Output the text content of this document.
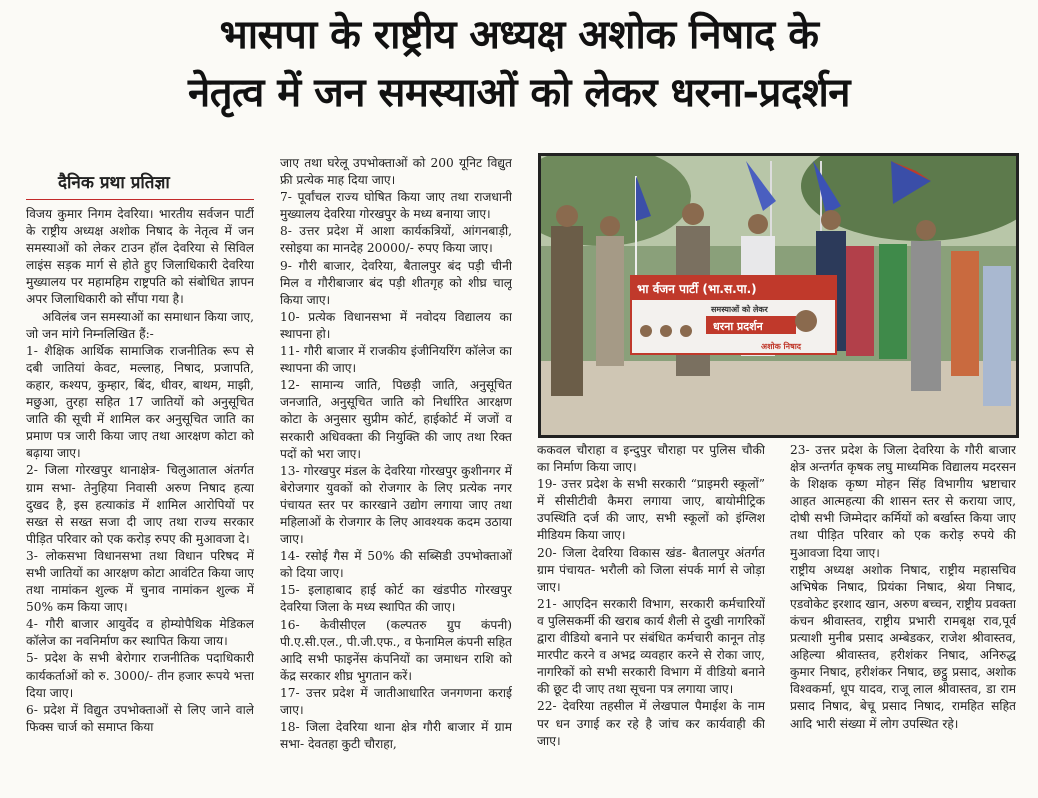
भासपा के राष्ट्रीय अध्यक्ष अशोक निषाद के
नेतृत्व में जन समस्याओं को लेकर धरना-प्रदर्शन
दैनिक प्रथा प्रतिज्ञा

विजय कुमार निगम देवरिया। भारतीय सर्वजन पार्टी के राष्ट्रीय अध्यक्ष अशोक निषाद के नेतृत्व में जन समस्याओं को लेकर टाउन हॉल देवरिया से सिविल लाइंस सड़क मार्ग से होते हुए जिलाधिकारी देवरिया मुख्यालय पर महामहिम राष्ट्रपति को संबोधित ज्ञापन अपर जिलाधिकारी को सौंपा गया है।

अविलंब जन समस्याओं का समाधान किया जाए, जो जन मांगे निम्नलिखित हैं:-

1- शैक्षिक आर्थिक सामाजिक राजनीतिक रूप से दबी जातियां केवट, मल्लाह, निषाद, प्रजापति, कहार, कश्यप, कुम्हार, बिंद, धीवर, बाथम, माझी, मछुआ, तुरहा सहित 17 जातियों को अनुसूचित जाति की सूची में शामिल कर अनुसूचित जाति का प्रमाण पत्र जारी किया जाए तथा आरक्षण कोटा को बढ़ाया जाए।

2- जिला गोरखपुर थानाक्षेत्र- चिलुआताल अंतर्गत ग्राम सभा- तेनुहिया निवासी अरुण निषाद हत्या दुखद है, इस हत्याकांड में शामिल आरोपियों पर सख्त से सख्त सजा दी जाए तथा राज्य सरकार पीड़ित परिवार को एक करोड़ रुपए की मुआवजा दे।

3- लोकसभा विधानसभा तथा विधान परिषद में सभी जातियों का आरक्षण कोटा आवंटित किया जाए तथा नामांकन शुल्क में चुनाव नामांकन शुल्क में 50% कम किया जाए।

4- गौरी बाजार आयुर्वेद व होम्योपैथिक मेडिकल कॉलेज का नवनिर्माण कर स्थापित किया जाय।

5- प्रदेश के सभी बेरोगार राजनीतिक पदाधिकारी कार्यकर्ताओं को रु. 3000/- तीन हजार रूपये भत्ता दिया जाए।

6- प्रदेश में विद्युत उपभोक्ताओं से लिए जाने वाले फिक्स चार्ज को समाप्त किया

जाए तथा घरेलू उपभोक्ताओं को 200 यूनिट विद्युत फ्री प्रत्येक माह दिया जाए।

7- पूर्वांचल राज्य घोषित किया जाए तथा राजधानी मुख्यालय देवरिया गोरखपुर के मध्य बनाया जाए।

8- उत्तर प्रदेश में आशा कार्यकत्रियों, आंगनबाड़ी, रसोइया का मानदेह 20000/- रुपए किया जाए।

9- गौरी बाजार, देवरिया, बैतालपुर बंद पड़ी चीनी मिल व गौरीबाजार बंद पड़ी शीतगृह को शीघ्र चालू किया जाए।

10- प्रत्येक विधानसभा में नवोदय विद्यालय का स्थापना हो।

11- गौरी बाजार में राजकीय इंजीनियरिंग कॉलेज का स्थापना की जाए।

12- सामान्य जाति, पिछड़ी जाति, अनुसूचित जनजाति, अनुसूचित जाति को निर्धारित आरक्षण कोटा के अनुसार सुप्रीम कोर्ट, हाईकोर्ट में जजों व सरकारी अधिवक्ता की नियुक्ति की जाए तथा रिक्त पदों को भरा जाए।

13- गोरखपुर मंडल के देवरिया गोरखपुर कुशीनगर में बेरोजगार युवकों को रोजगार के लिए प्रत्येक नगर पंचायत स्तर पर कारखाने उद्योग लगाया जाए तथा महिलाओं के रोजगार के लिए आवश्यक कदम उठाया जाए।

14- रसोई गैस में 50% की सब्सिडी उपभोक्ताओं को दिया जाए।

15- इलाहाबाद हाई कोर्ट का खंडपीठ गोरखपुर देवरिया जिला के मध्य स्थापित की जाए।

16- केवीसीएल (कल्पतरु ग्रुप कंपनी) पी.ए.सी.एल., पी.जी.एफ., व फेनामिल कंपनी सहित आदि सभी फाइनेंस कंपनियों का जमाधन राशि को केंद्र सरकार शीघ्र भुगतान करें।

17- उत्तर प्रदेश में जातीआधारित जनगणना कराई जाए।

18- जिला देवरिया थाना क्षेत्र गौरी बाजार में ग्राम सभा- देवतहा कुटी चौराहा,

भा र्वजन पार्टी (भा.स.पा.)
समस्याओं को लेकर
धरना प्रदर्शन
अशोक निषाद

ककवल चौराहा व इन्दुपुर चौराहा पर पुलिस चौकी का निर्माण किया जाए।

19- उत्तर प्रदेश के सभी सरकारी “प्राइमरी स्कूलों” में सीसीटीवी कैमरा लगाया जाए, बायोमीट्रिक उपस्थिति दर्ज की जाए, सभी स्कूलों को इंग्लिश मीडियम किया जाए।

20- जिला देवरिया विकास खंड- बैतालपुर अंतर्गत ग्राम पंचायत- भरौली को जिला संपर्क मार्ग से जोड़ा जाए।

21- आएदिन सरकारी विभाग, सरकारी कर्मचारियों व पुलिसकर्मी की खराब कार्य शैली से दुखी नागरिकों द्वारा वीडियो बनाने पर संबंधित कर्मचारी कानून तोड़ मारपीट करने व अभद्र व्यवहार करने से रोका जाए, नागरिकों को सभी सरकारी विभाग में वीडियो बनाने की छूट दी जाए तथा सूचना पत्र लगाया जाए।

22- देवरिया तहसील में लेखपाल पैमाईश के नाम पर धन उगाई कर रहे है जांच कर कार्यवाही की जाए।

23- उत्तर प्रदेश के जिला देवरिया के गौरी बाजार क्षेत्र अन्तर्गत कृषक लघु माध्यमिक विद्यालय मदरसन के शिक्षक कृष्ण मोहन सिंह विभागीय भ्रष्टाचार आहत आत्महत्या की शासन स्तर से कराया जाए, दोषी सभी जिम्मेदार कर्मियों को बर्खास्त किया जाए तथा पीड़ित परिवार को एक करोड़ रुपये की मुआवजा दिया जाए।

राष्ट्रीय अध्यक्ष अशोक निषाद, राष्ट्रीय महासचिव अभिषेक निषाद, प्रियंका निषाद, श्रेया निषाद, एडवोकेट इरशाद खान, अरुण बच्चन, राष्ट्रीय प्रवक्ता कंचन श्रीवास्तव, राष्ट्रीय प्रभारी रामबृक्ष राव,पूर्व प्रत्याशी मुनीब प्रसाद अम्बेडकर, राजेश श्रीवास्तव, अहिल्या श्रीवास्तव, हरीशंकर निषाद, अनिरुद्ध कुमार निषाद, हरीशंकर निषाद, छट्ठु प्रसाद, अशोक विश्वकर्मा, धूप यादव, राजू लाल श्रीवास्तव, डा राम प्रसाद निषाद, बेचू प्रसाद निषाद, रामहित सहित आदि भारी संख्या में लोग उपस्थित रहे।
